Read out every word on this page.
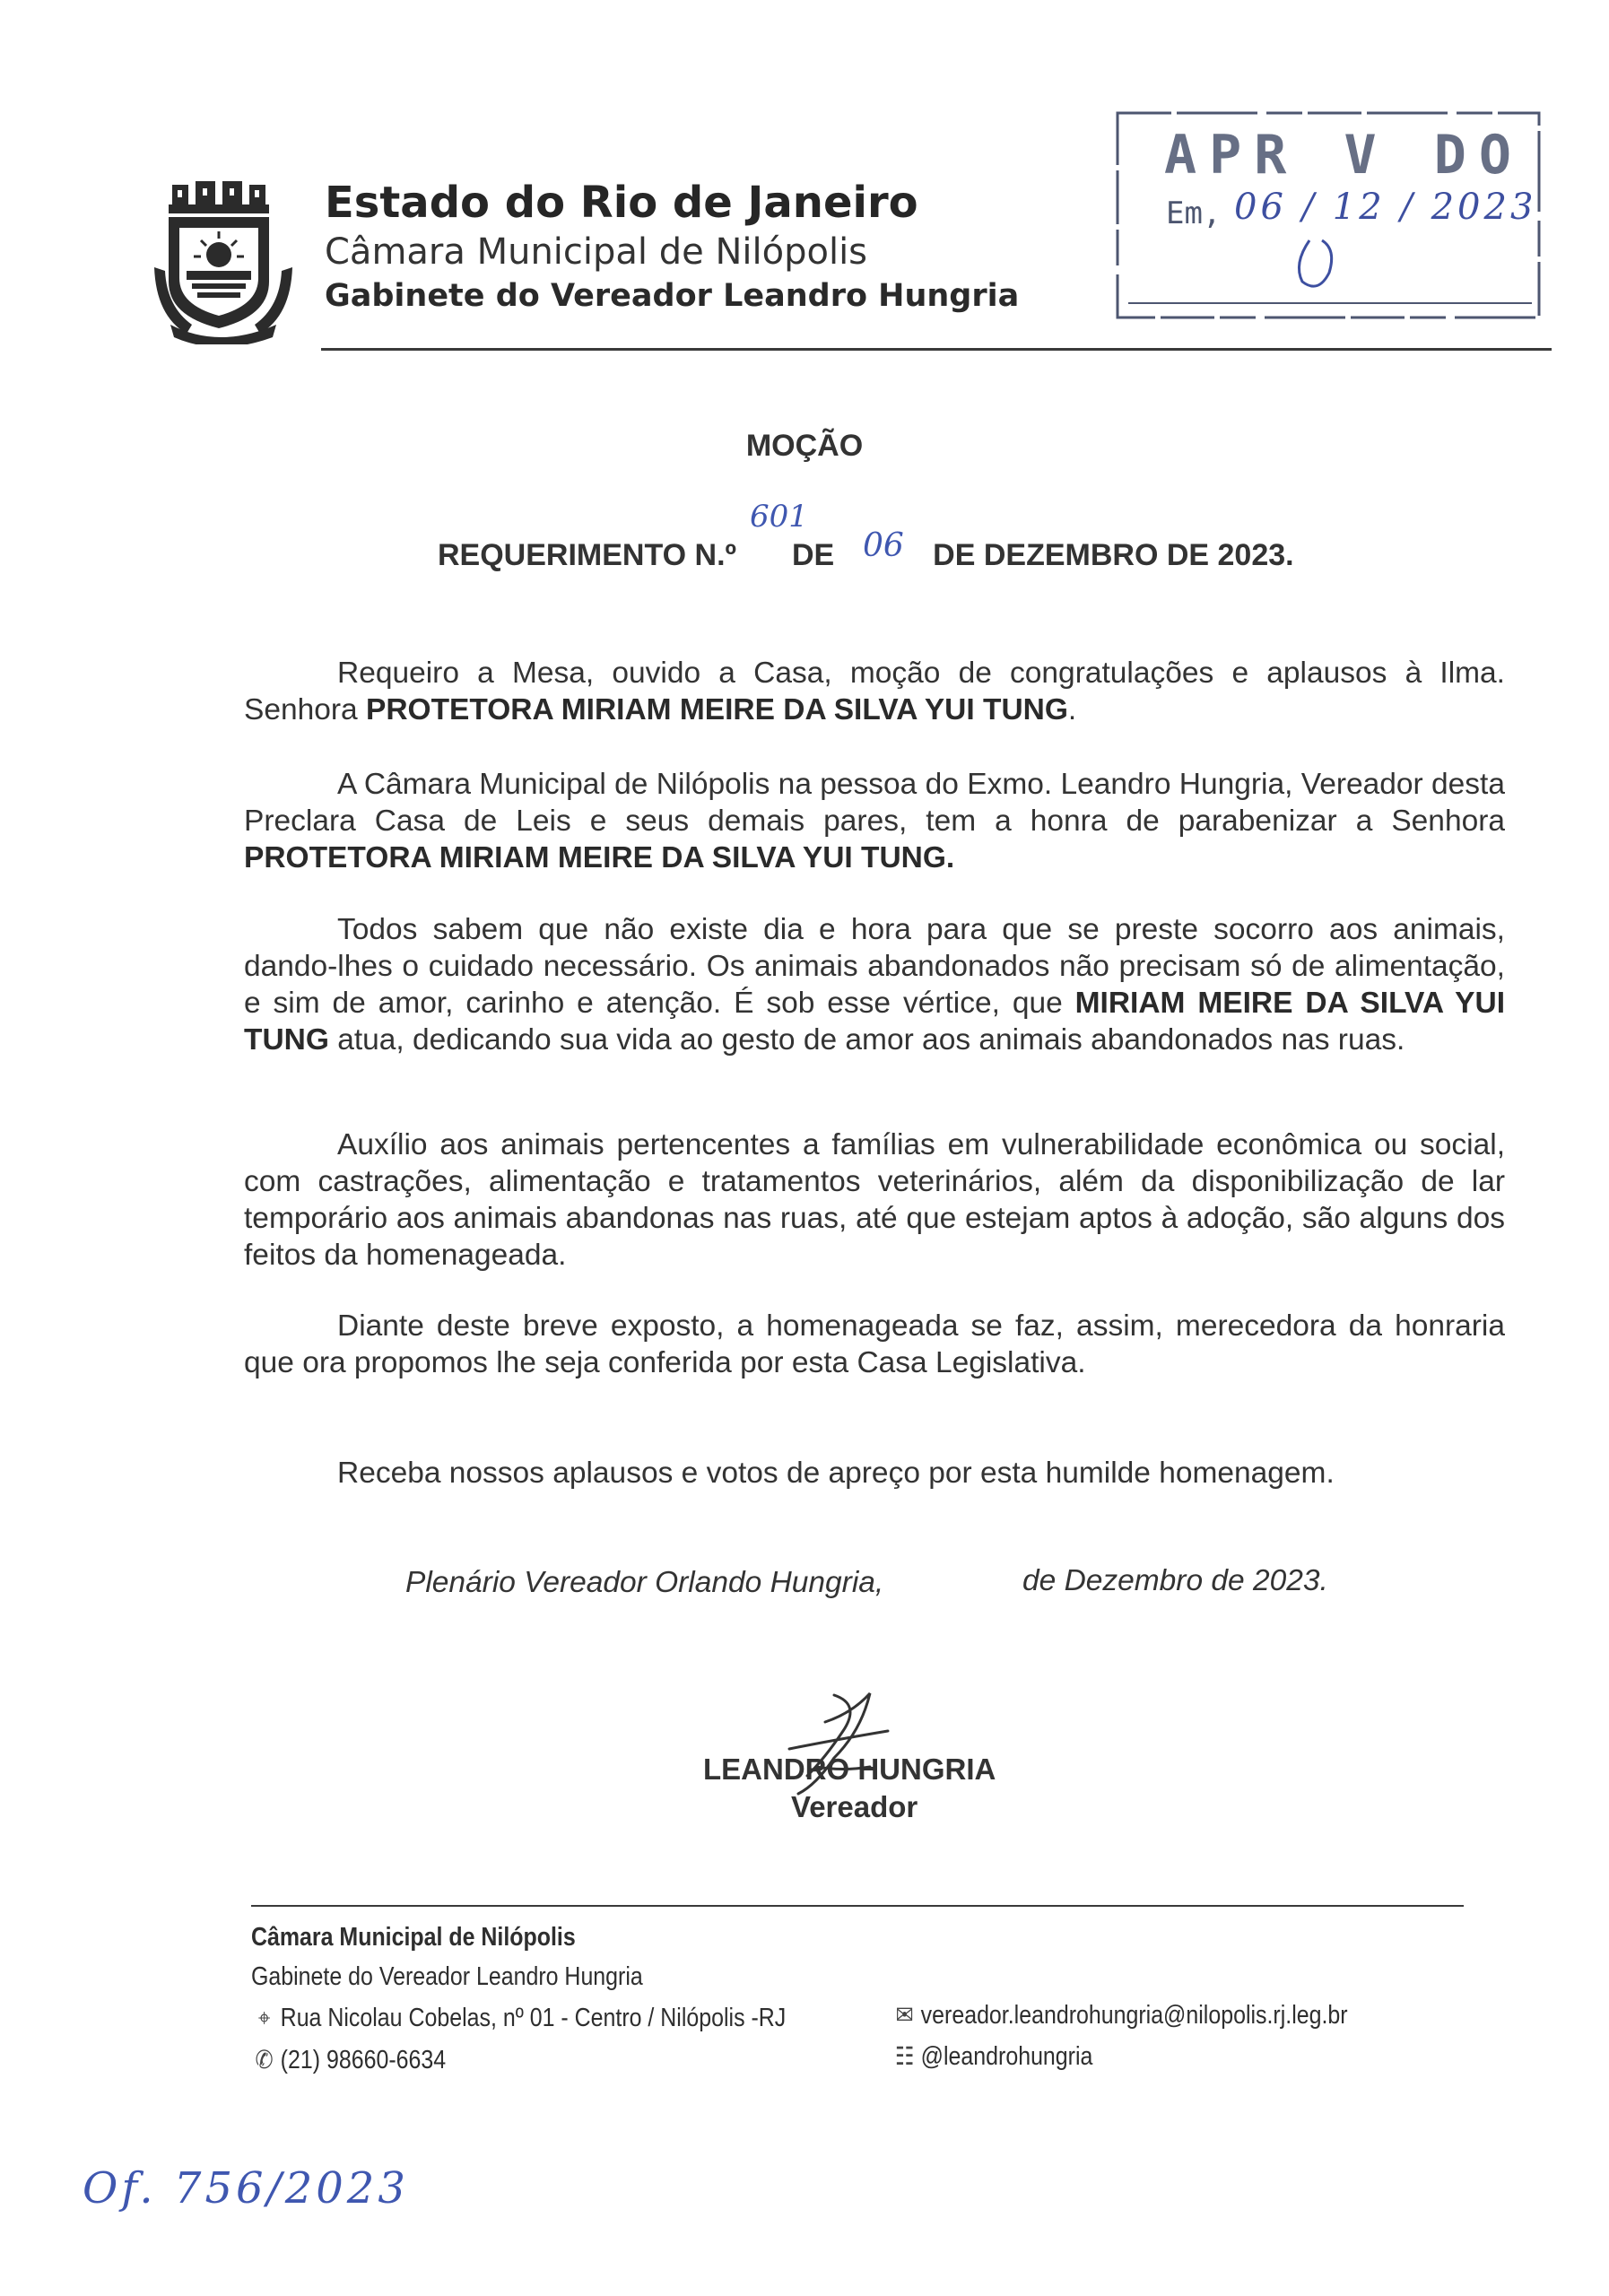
Estado do Rio de Janeiro
Câmara Municipal de Nilópolis
Gabinete do Vereador Leandro Hungria
APR V DO
Em, 06 / 12 / 2023
MOÇÃO
REQUERIMENTO N.º DE	DE DEZEMBRO DE 2023.
601
06
Requeiro a Mesa, ouvido a Casa, moção de congratulações e aplausos à Ilma. Senhora PROTETORA MIRIAM MEIRE DA SILVA YUI TUNG.
A Câmara Municipal de Nilópolis na pessoa do Exmo. Leandro Hungria, Vereador desta Preclara Casa de Leis e seus demais pares, tem a honra de parabenizar a Senhora PROTETORA MIRIAM MEIRE DA SILVA YUI TUNG.
Todos sabem que não existe dia e hora para que se preste socorro aos animais, dando-lhes o cuidado necessário. Os animais abandonados não precisam só de alimentação, e sim de amor, carinho e atenção. É sob esse vértice, que MIRIAM MEIRE DA SILVA YUI TUNG atua, dedicando sua vida ao gesto de amor aos animais abandonados nas ruas.
Auxílio aos animais pertencentes a famílias em vulnerabilidade econômica ou social, com castrações, alimentação e tratamentos veterinários, além da disponibilização de lar temporário aos animais abandonas nas ruas, até que estejam aptos à adoção, são alguns dos feitos da homenageada.
Diante deste breve exposto, a homenageada se faz, assim, merecedora da honraria que ora propomos lhe seja conferida por esta Casa Legislativa.
Receba nossos aplausos e votos de apreço por esta humilde homenagem.
Plenário Vereador Orlando Hungria,	de Dezembro de 2023.
LEANDRO HUNGRIA
Vereador
Câmara Municipal de Nilópolis
Gabinete do Vereador Leandro Hungria
⌖ Rua Nicolau Cobelas, nº 01 - Centro / Nilópolis -RJ
✆ (21) 98660-6634
✉ vereador.leandrohungria@nilopolis.rj.leg.br
☷ @leandrohungria
Of. 756/2023
